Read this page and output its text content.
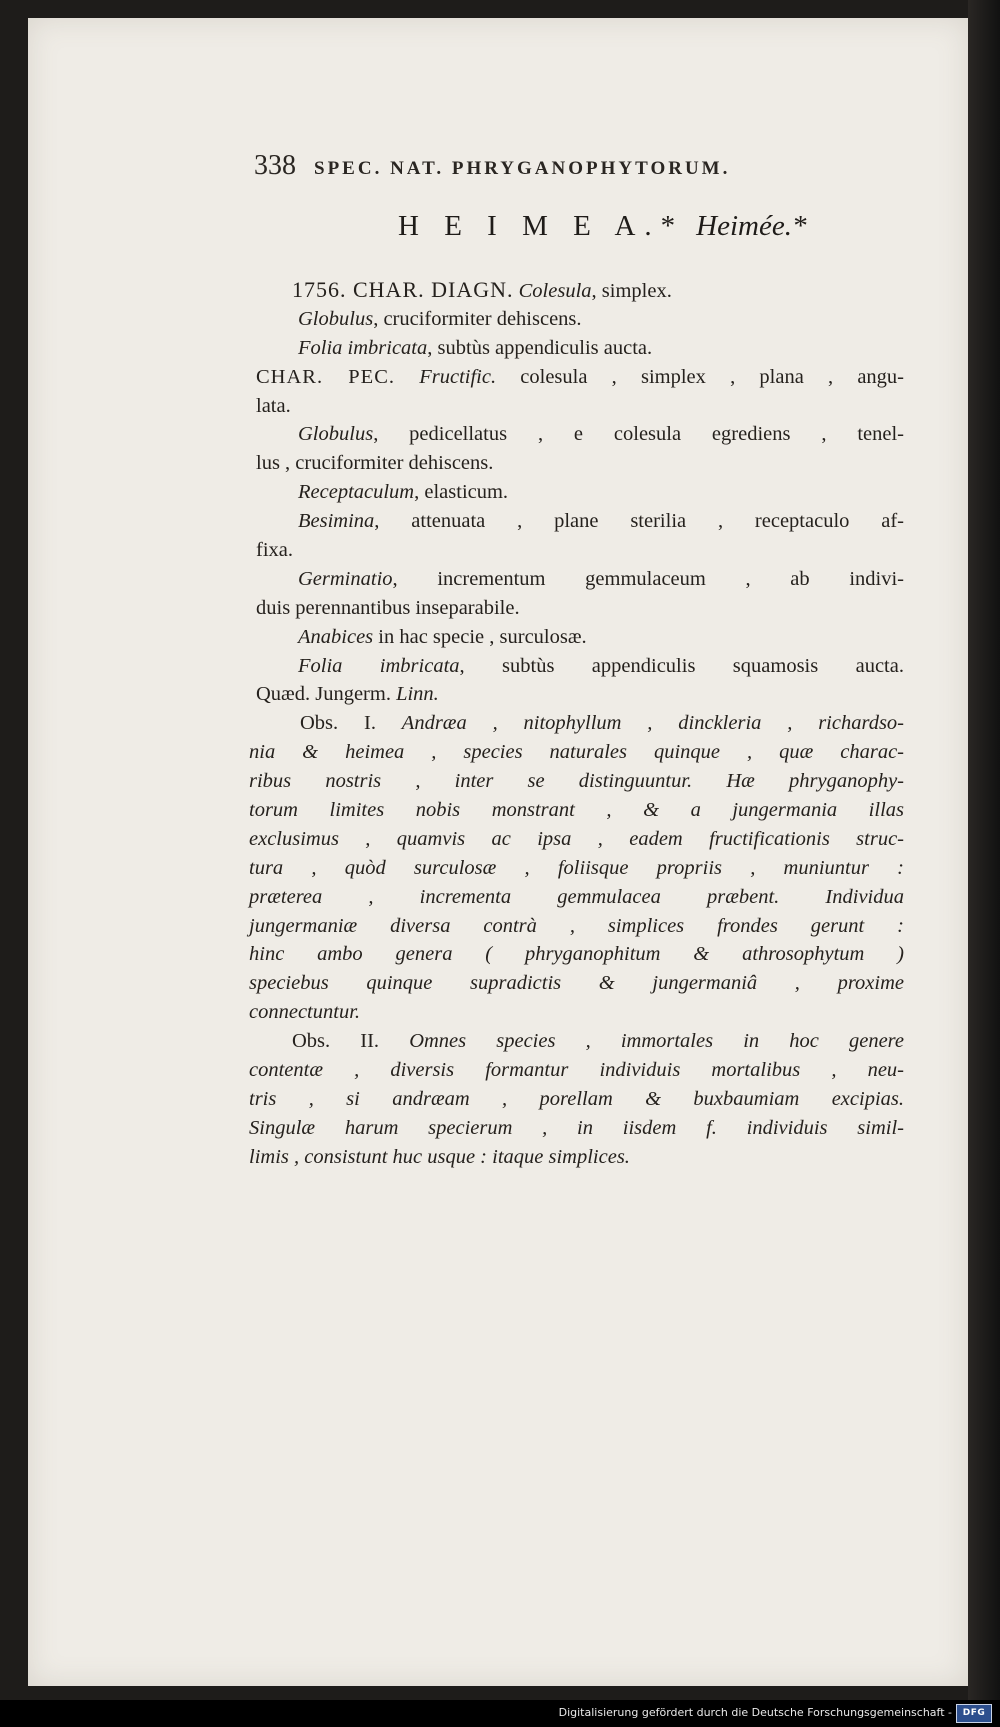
338 SPEC. NAT. PHRYGANOPHYTORUM.
H E I M E A.* Heimée.*
1756. CHAR. DIAGN. Colesula, simplex.
Globulus, cruciformiter dehiscens.
Folia imbricata, subtùs appendiculis aucta.
CHAR. PEC. Fructific. colesula , simplex , plana , angu-
lata.
Globulus, pedicellatus , e colesula egrediens , tenel-
lus , cruciformiter dehiscens.
Receptaculum, elasticum.
Besimina, attenuata , plane sterilia , receptaculo af-
fixa.
Germinatio, incrementum gemmulaceum , ab indivi-
duis perennantibus inseparabile.
Anabices in hac specie , surculosæ.
Folia imbricata, subtùs appendiculis squamosis aucta.
Quæd. Jungerm. Linn.
Obs. I. Andræa , nitophyllum , dinckleria , richardso-
nia & heimea , species naturales quinque , quæ charac-
ribus nostris , inter se distinguuntur. Hæ phryganophy-
torum limites nobis monstrant , & a jungermania illas
exclusimus , quamvis ac ipsa , eadem fructificationis struc-
tura , quòd surculosæ , foliisque propriis , muniuntur :
præterea , incrementa gemmulacea præbent. Individua
jungermaniæ diversa contrà , simplices frondes gerunt :
hinc ambo genera ( phryganophitum & athrosophytum )
speciebus quinque supradictis & jungermaniâ , proxime
connectuntur.
Obs. II. Omnes species , immortales in hoc genere
contentæ , diversis formantur individuis mortalibus , neu-
tris , si andræam , porellam & buxbaumiam excipias.
Singulæ harum specierum , in iisdem f. individuis simil-
limis , consistunt huc usque : itaque simplices.
Digitalisierung gefördert durch die Deutsche Forschungsgemeinschaft -	DFG
